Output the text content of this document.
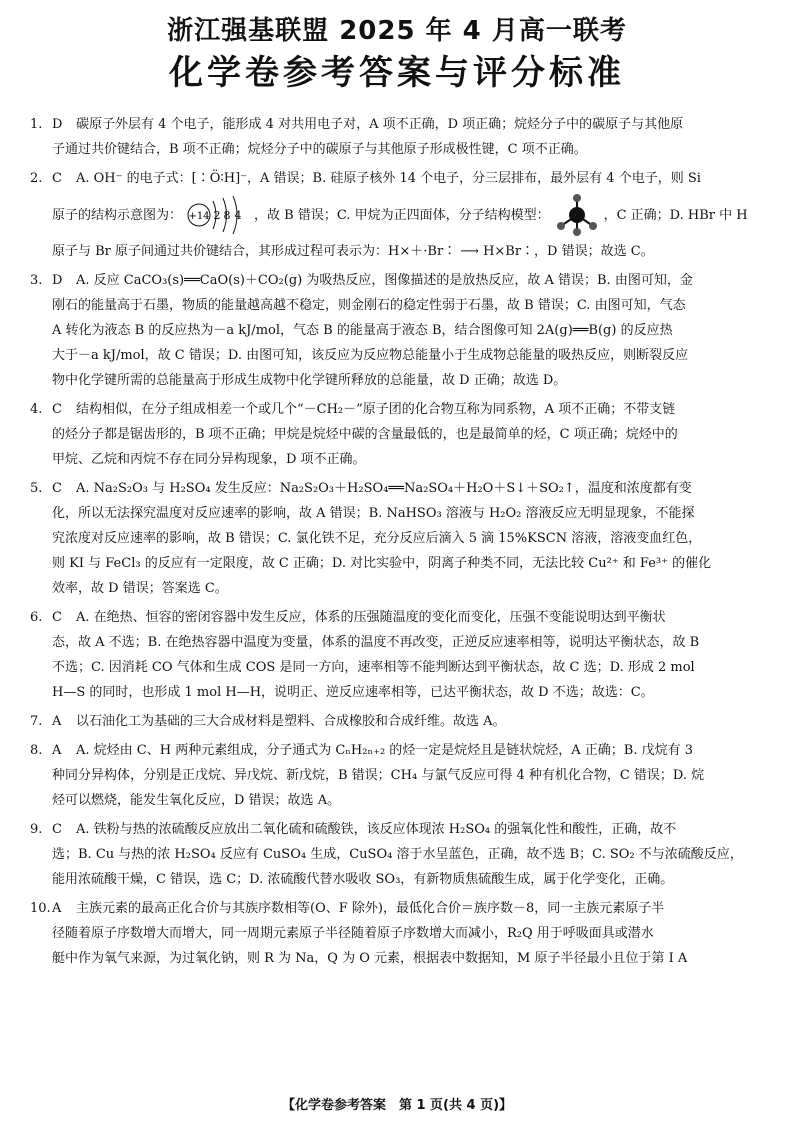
浙江强基联盟 2025 年 4 月高一联考
化学卷参考答案与评分标准
1. D 碳原子外层有 4 个电子，能形成 4 对共用电子对，A 项不正确，D 项正确；烷烃分子中的碳原子与其他原
子通过共价键结合，B 项不正确；烷烃分子中的碳原子与其他原子形成极性键，C 项不正确。
2. C A. OH⁻ 的电子式：[∶Ö∶H]⁻，A 错误；B. 硅原子核外 14 个电子，分三层排布，最外层有 4 个电子，则 Si
原子的结构示意图为： +14 2 8 4 ，故 B 错误；C. 甲烷为正四面体，分子结构模型：	，C 正确；D. HBr 中 H
原子与 Br 原子间通过共价键结合，其形成过程可表示为：H×＋·Br∶ ⟶ H×Br∶，D 错误；故选 C。
3. D A. 反应 CaCO₃(s)══CaO(s)＋CO₂(g) 为吸热反应，图像描述的是放热反应，故 A 错误；B. 由图可知，金
刚石的能量高于石墨，物质的能量越高越不稳定，则金刚石的稳定性弱于石墨，故 B 错误；C. 由图可知，气态
A 转化为液态 B 的反应热为－a kJ/mol，气态 B 的能量高于液态 B，结合图像可知 2A(g)══B(g) 的反应热
大于－a kJ/mol，故 C 错误；D. 由图可知，该反应为反应物总能量小于生成物总能量的吸热反应，则断裂反应
物中化学键所需的总能量高于形成生成物中化学键所释放的总能量，故 D 正确；故选 D。
4. C 结构相似，在分子组成相差一个或几个“－CH₂－”原子团的化合物互称为同系物，A 项不正确；不带支链
的烃分子都是锯齿形的，B 项不正确；甲烷是烷烃中碳的含量最低的，也是最简单的烃，C 项正确；烷烃中的
甲烷、乙烷和丙烷不存在同分异构现象，D 项不正确。
5. C A. Na₂S₂O₃ 与 H₂SO₄ 发生反应：Na₂S₂O₃＋H₂SO₄══Na₂SO₄＋H₂O＋S↓＋SO₂↑，温度和浓度都有变
化，所以无法探究温度对反应速率的影响，故 A 错误；B. NaHSO₃ 溶液与 H₂O₂ 溶液反应无明显现象，不能探
究浓度对反应速率的影响，故 B 错误；C. 氯化铁不足，充分反应后滴入 5 滴 15%KSCN 溶液，溶液变血红色，
则 KI 与 FeCl₃ 的反应有一定限度，故 C 正确；D. 对比实验中，阴离子种类不同，无法比较 Cu²⁺ 和 Fe³⁺ 的催化
效率，故 D 错误；答案选 C。
6. C A. 在绝热、恒容的密闭容器中发生反应，体系的压强随温度的变化而变化，压强不变能说明达到平衡状
态，故 A 不选；B. 在绝热容器中温度为变量，体系的温度不再改变，正逆反应速率相等，说明达平衡状态，故 B
不选；C. 因消耗 CO 气体和生成 COS 是同一方向，速率相等不能判断达到平衡状态，故 C 选；D. 形成 2 mol
H—S 的同时，也形成 1 mol H—H，说明正、逆反应速率相等，已达平衡状态，故 D 不选；故选：C。
7. A 以石油化工为基础的三大合成材料是塑料、合成橡胶和合成纤维。故选 A。
8. A A. 烷烃由 C、H 两种元素组成，分子通式为 CₙH₂ₙ₊₂ 的烃一定是烷烃且是链状烷烃，A 正确；B. 戊烷有 3
种同分异构体，分别是正戊烷、异戊烷、新戊烷，B 错误；CH₄ 与氯气反应可得 4 种有机化合物，C 错误；D. 烷
烃可以燃烧，能发生氧化反应，D 错误；故选 A。
9. C A. 铁粉与热的浓硫酸反应放出二氧化硫和硫酸铁，该反应体现浓 H₂SO₄ 的强氧化性和酸性，正确，故不
选；B. Cu 与热的浓 H₂SO₄ 反应有 CuSO₄ 生成，CuSO₄ 溶于水呈蓝色，正确，故不选 B；C. SO₂ 不与浓硫酸反应，
能用浓硫酸干燥，C 错误，选 C；D. 浓硫酸代替水吸收 SO₃，有新物质焦硫酸生成，属于化学变化，正确。
10.A 主族元素的最高正化合价与其族序数相等(O、F 除外)，最低化合价＝族序数－8，同一主族元素原子半
径随着原子序数增大而增大，同一周期元素原子半径随着原子序数增大而减小，R₂Q 用于呼吸面具或潜水
艇中作为氧气来源，为过氧化钠，则 R 为 Na，Q 为 O 元素，根据表中数据知，M 原子半径最小且位于第 Ⅰ A
【化学卷参考答案　第 1 页(共 4 页)】
